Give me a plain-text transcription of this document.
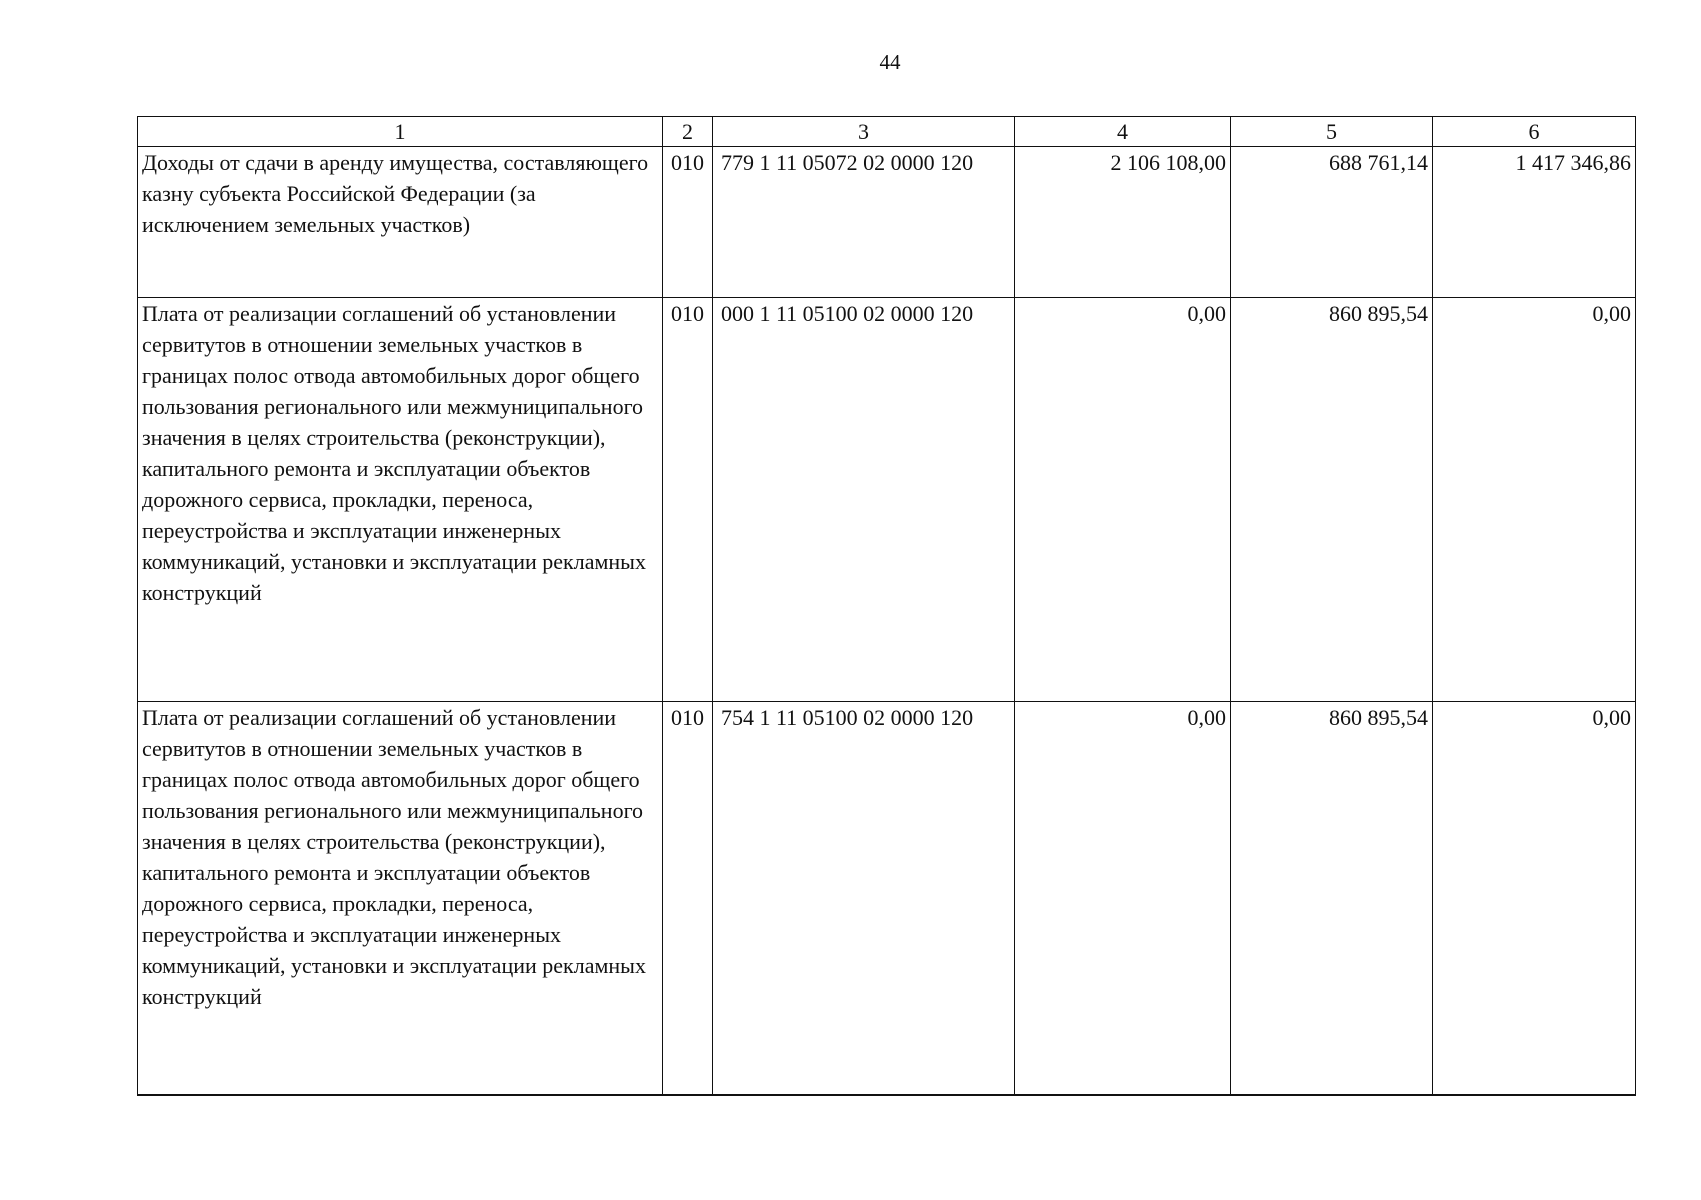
44
1	2	3	4	5	6
Доходы от сдачи в аренду имущества, составляющего казну субъекта Российской Федерации (за исключением земельных участков)	010	779 1 11 05072 02 0000 120	2 106 108,00	688 761,14	1 417 346,86
Плата от реализации соглашений об установлении сервитутов в отношении земельных участков в границах полос отвода автомобильных дорог общего пользования регионального или межмуниципального значения в целях строительства (реконструкции), капитального ремонта и эксплуатации объектов дорожного сервиса, прокладки, переноса, переустройства и эксплуатации инженерных коммуникаций, установки и эксплуатации рекламных конструкций	010	000 1 11 05100 02 0000 120	0,00	860 895,54	0,00
Плата от реализации соглашений об установлении сервитутов в отношении земельных участков в границах полос отвода автомобильных дорог общего пользования регионального или межмуниципального значения в целях строительства (реконструкции), капитального ремонта и эксплуатации объектов дорожного сервиса, прокладки, переноса, переустройства и эксплуатации инженерных коммуникаций, установки и эксплуатации рекламных конструкций	010	754 1 11 05100 02 0000 120	0,00	860 895,54	0,00
